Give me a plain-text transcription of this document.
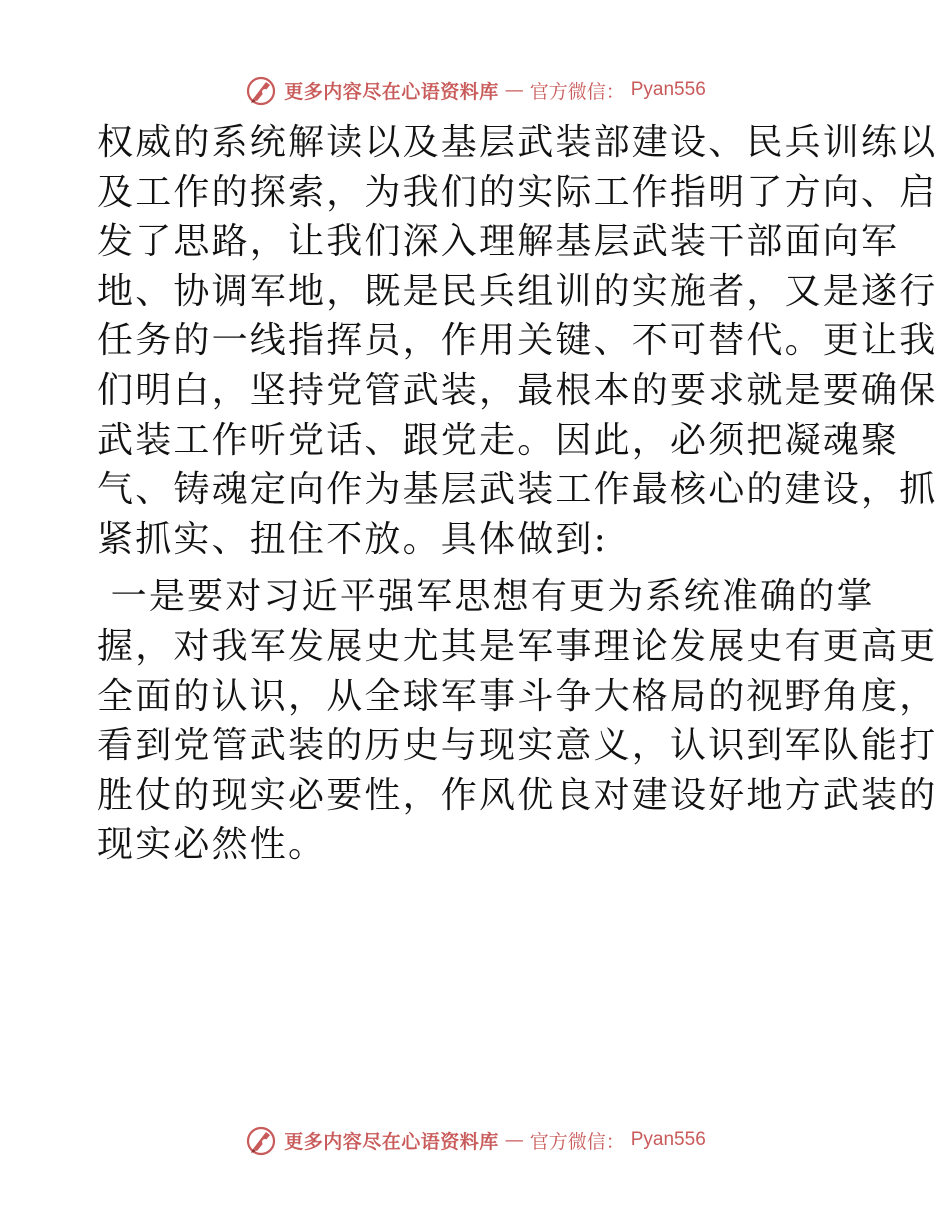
更多内容尽在心语资料库 — 官方微信： Pyan556
权威的系统解读以及基层武装部建设、民兵训练以
及工作的探索，为我们的实际工作指明了方向、启
发了思路，让我们深入理解基层武装干部面向军
地、协调军地，既是民兵组训的实施者，又是遂行
任务的一线指挥员，作用关键、不可替代。更让我
们明白，坚持党管武装，最根本的要求就是要确保
武装工作听党话、跟党走。因此，必须把凝魂聚
气、铸魂定向作为基层武装工作最核心的建设，抓
紧抓实、扭住不放。具体做到:
一是要对习近平强军思想有更为系统准确的掌
握，对我军发展史尤其是军事理论发展史有更高更
全面的认识，从全球军事斗争大格局的视野角度，
看到党管武装的历史与现实意义，认识到军队能打
胜仗的现实必要性，作风优良对建设好地方武装的
现实必然性。
更多内容尽在心语资料库 — 官方微信： Pyan556
